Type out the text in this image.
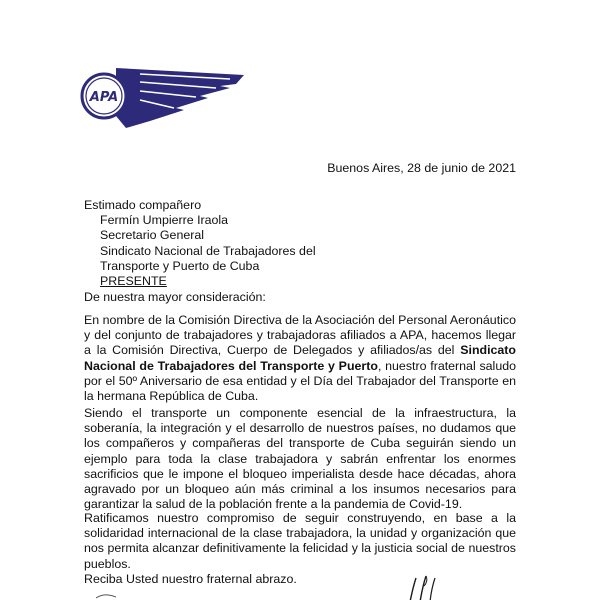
APA
Buenos Aires, 28 de junio de 2021
Estimado compañero
Fermín Umpierre Iraola
Secretario General
Sindicato Nacional de Trabajadores del
Transporte y Puerto de Cuba
PRESENTE
De nuestra mayor consideración:
En nombre de la Comisión Directiva de la Asociación del Personal Aeronáutico y del conjunto de trabajadores y trabajadoras afiliados a APA, hacemos llegar a la Comisión Directiva, Cuerpo de Delegados y afiliados/as del Sindicato Nacional de Trabajadores del Transporte y Puerto, nuestro fraternal saludo por el 50º Aniversario de esa entidad y el Día del Trabajador del Transporte en la hermana República de Cuba.
Siendo el transporte un componente esencial de la infraestructura, la soberanía, la integración y el desarrollo de nuestros países, no dudamos que los compañeros y compañeras del transporte de Cuba seguirán siendo un ejemplo para toda la clase trabajadora y sabrán enfrentar los enormes sacrificios que le impone el bloqueo imperialista desde hace décadas, ahora agravado por un bloqueo aún más criminal a los insumos necesarios para garantizar la salud de la población frente a la pandemia de Covid-19.
Ratificamos nuestro compromiso de seguir construyendo, en base a la solidaridad internacional de la clase trabajadora, la unidad y organización que nos permita alcanzar definitivamente la felicidad y la justicia social de nuestros pueblos.
Reciba Usted nuestro fraternal abrazo.
